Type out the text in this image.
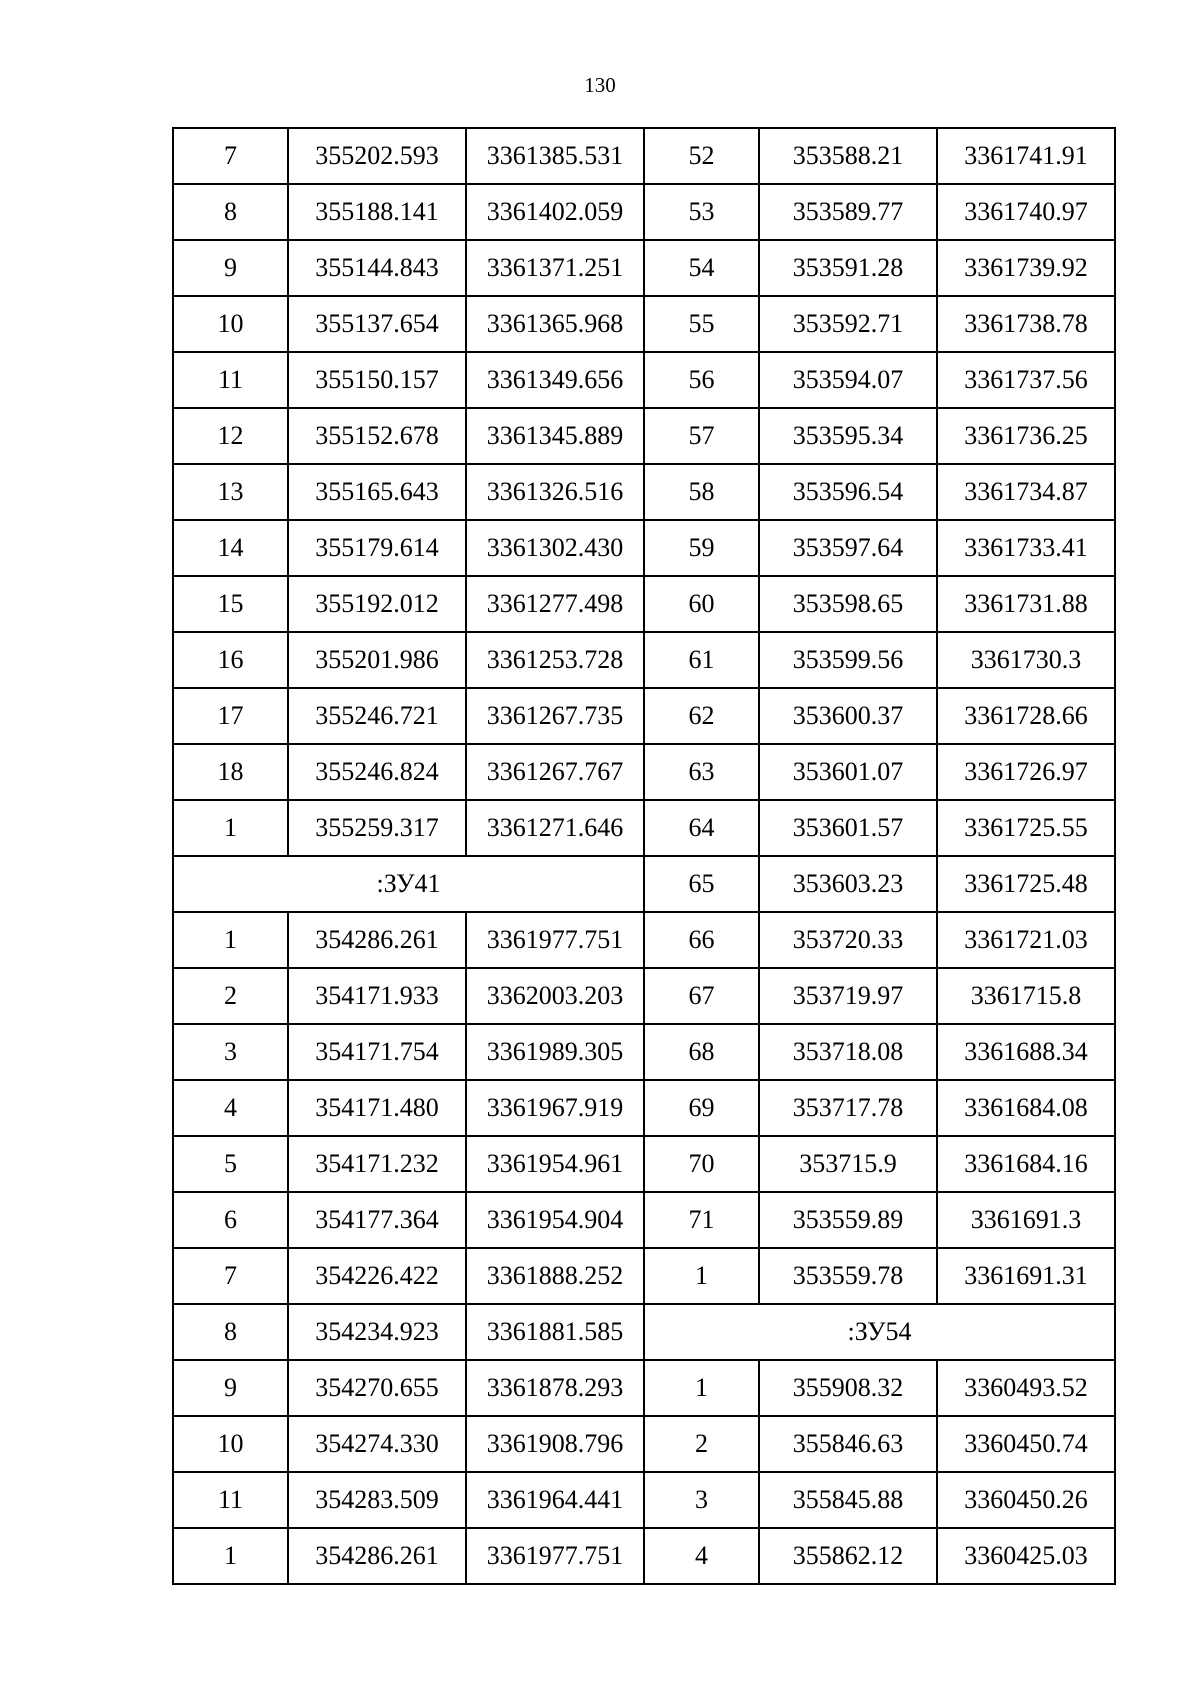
130
7	355202.593	3361385.531	52	353588.21	3361741.91
8	355188.141	3361402.059	53	353589.77	3361740.97
9	355144.843	3361371.251	54	353591.28	3361739.92
10	355137.654	3361365.968	55	353592.71	3361738.78
11	355150.157	3361349.656	56	353594.07	3361737.56
12	355152.678	3361345.889	57	353595.34	3361736.25
13	355165.643	3361326.516	58	353596.54	3361734.87
14	355179.614	3361302.430	59	353597.64	3361733.41
15	355192.012	3361277.498	60	353598.65	3361731.88
16	355201.986	3361253.728	61	353599.56	3361730.3
17	355246.721	3361267.735	62	353600.37	3361728.66
18	355246.824	3361267.767	63	353601.07	3361726.97
1	355259.317	3361271.646	64	353601.57	3361725.55
:ЗУ41			65	353603.23	3361725.48
1	354286.261	3361977.751	66	353720.33	3361721.03
2	354171.933	3362003.203	67	353719.97	3361715.8
3	354171.754	3361989.305	68	353718.08	3361688.34
4	354171.480	3361967.919	69	353717.78	3361684.08
5	354171.232	3361954.961	70	353715.9	3361684.16
6	354177.364	3361954.904	71	353559.89	3361691.3
7	354226.422	3361888.252	1	353559.78	3361691.31
8	354234.923	3361881.585	:ЗУ54		
9	354270.655	3361878.293	1	355908.32	3360493.52
10	354274.330	3361908.796	2	355846.63	3360450.74
11	354283.509	3361964.441	3	355845.88	3360450.26
1	354286.261	3361977.751	4	355862.12	3360425.03
